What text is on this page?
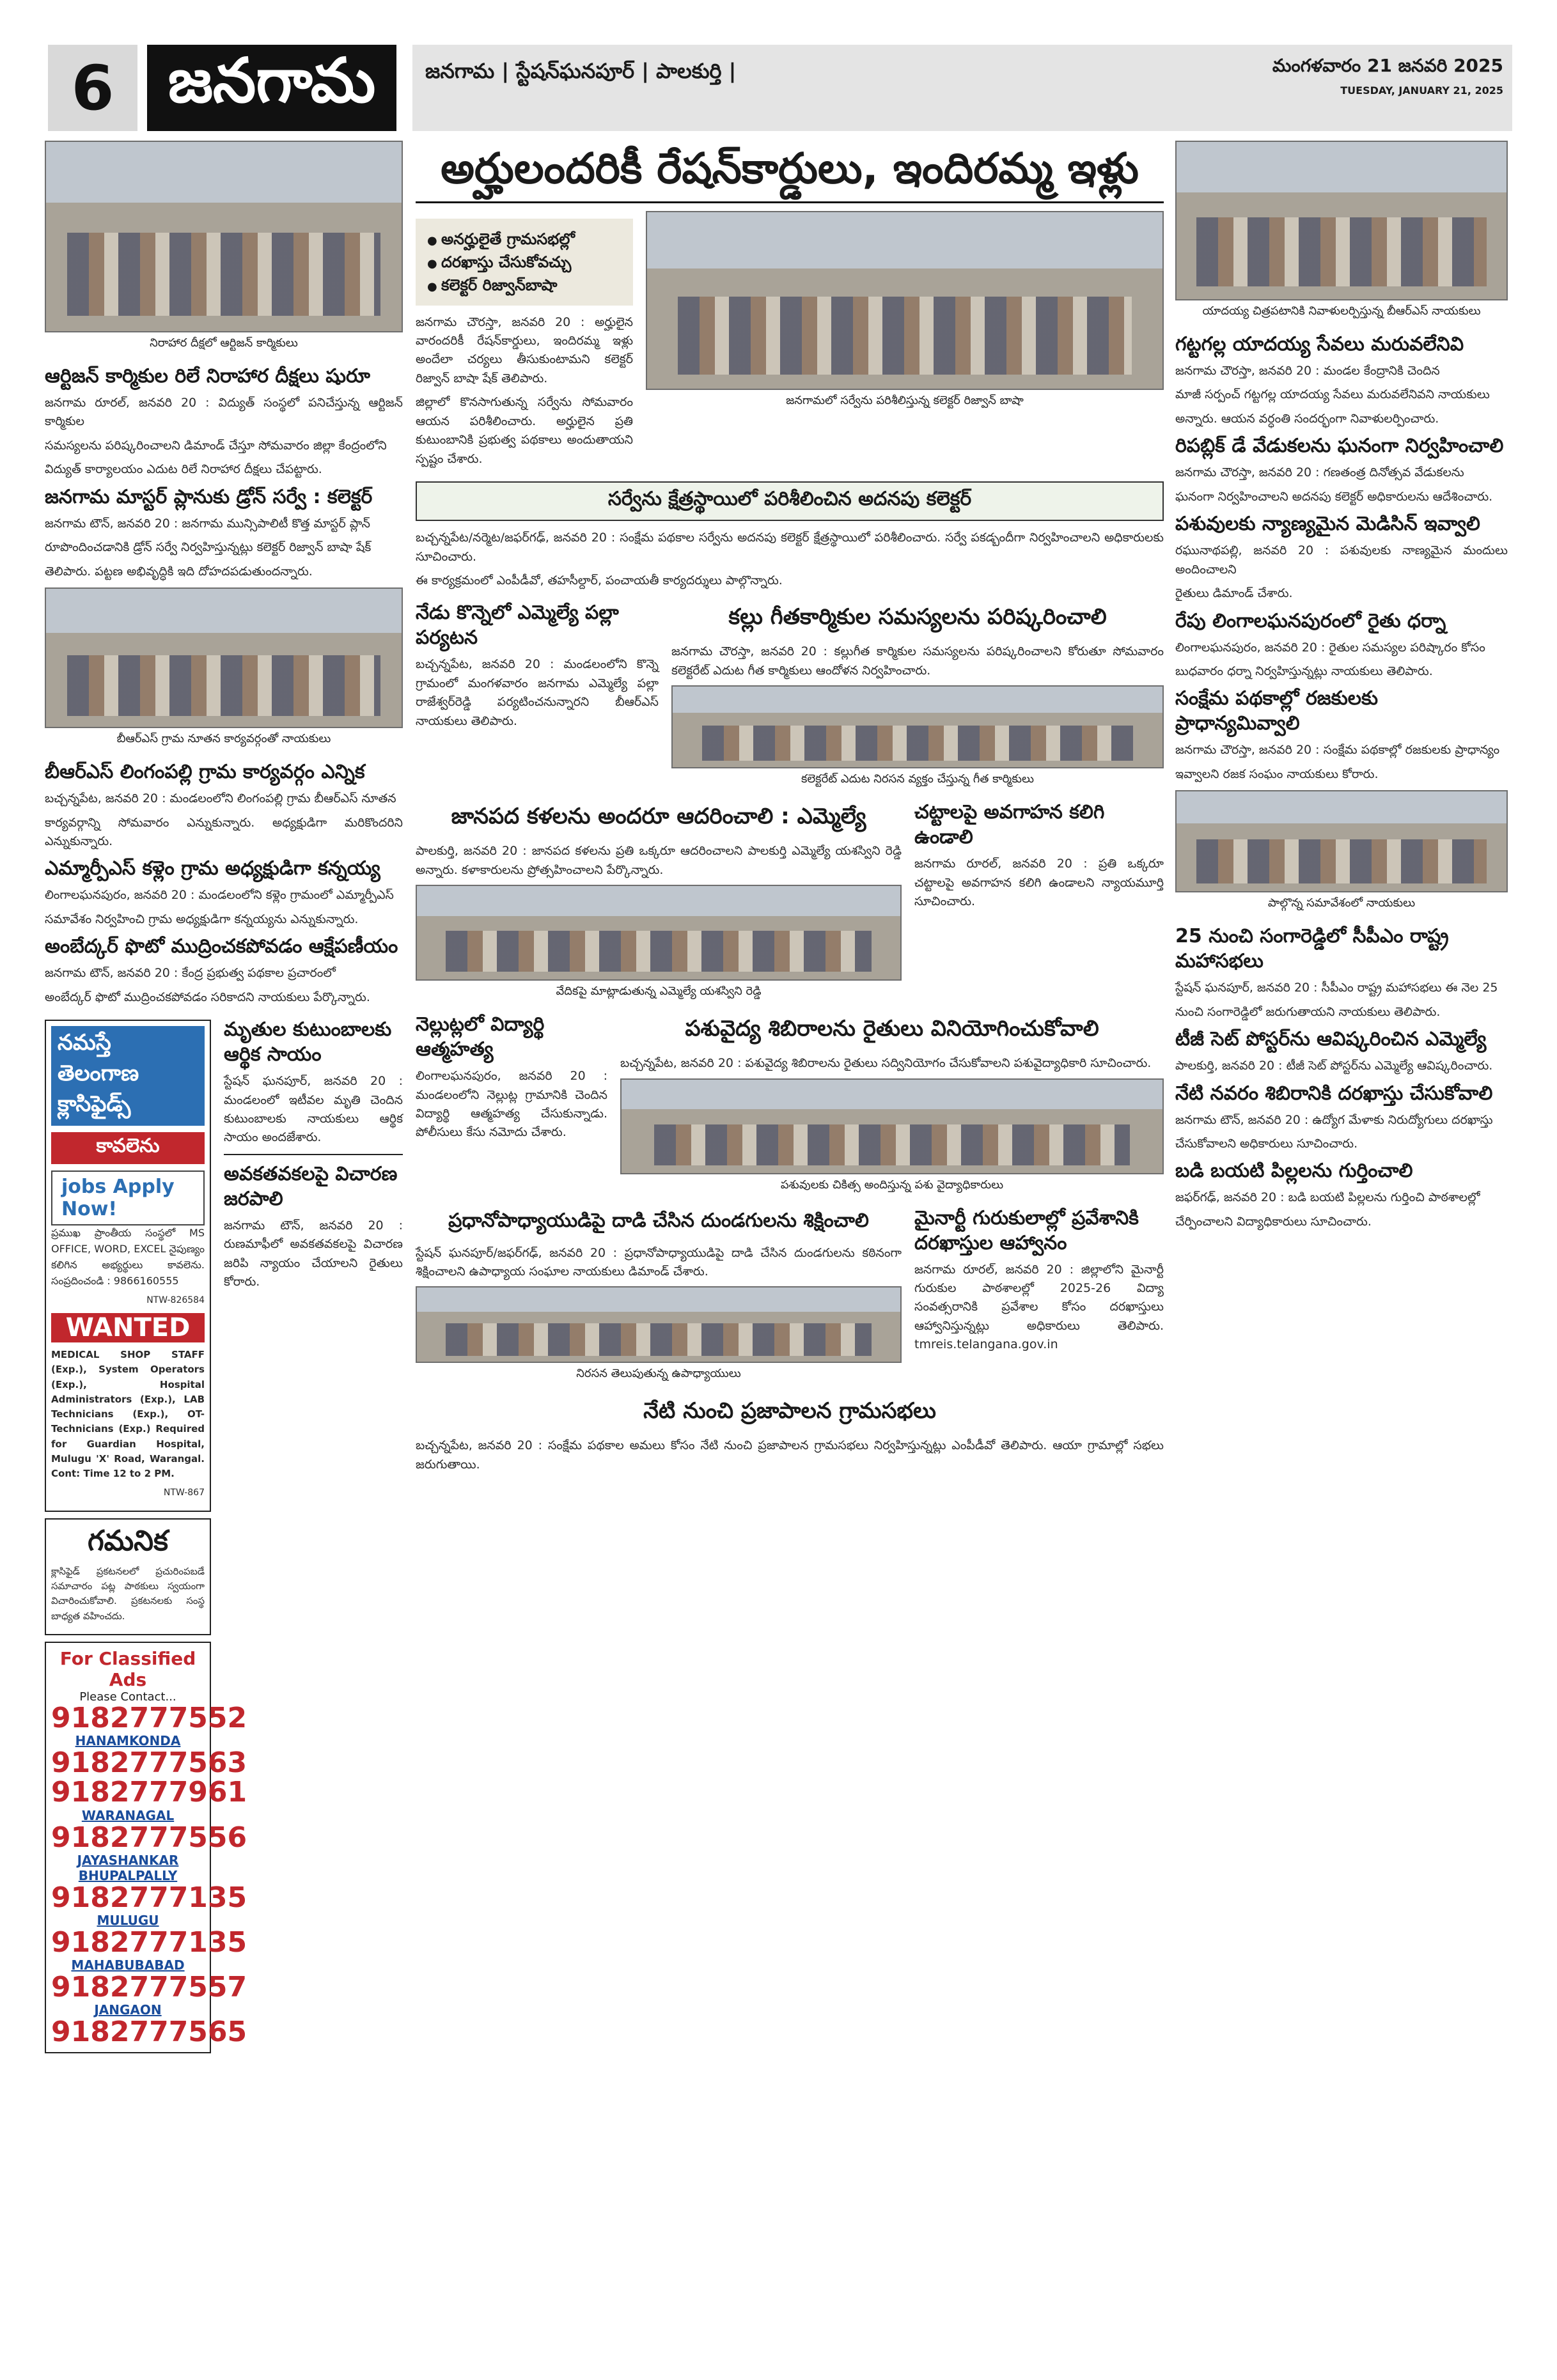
6 జనగామ	జనగామ | స్టేషన్‌ఘనపూర్ | పాలకుర్తి |	మంగళవారం 21 జనవరి 2025
TUESDAY, JANUARY 21, 2025
నిరాహార దీక్షలో ఆర్టిజన్ కార్మికులు
ఆర్టిజన్ కార్మికుల రిలే నిరాహార దీక్షలు షురూ

జనగామ రూరల్, జనవరి 20 : విద్యుత్ సంస్థలో పనిచేస్తున్న ఆర్టిజన్ కార్మికుల

సమస్యలను పరిష్కరించాలని డిమాండ్ చేస్తూ సోమవారం జిల్లా కేంద్రంలోని

విద్యుత్ కార్యాలయం ఎదుట రిలే నిరాహార దీక్షలు చేపట్టారు.

జనగామ మాస్టర్ ప్లానుకు డ్రోన్ సర్వే : కలెక్టర్

జనగామ టౌన్, జనవరి 20 : జనగామ మున్సిపాలిటీ కొత్త మాస్టర్ ప్లాన్

రూపొందించడానికి డ్రోన్ సర్వే నిర్వహిస్తున్నట్లు కలెక్టర్ రిజ్వాన్ బాషా షేక్

తెలిపారు. పట్టణ అభివృద్ధికి ఇది దోహదపడుతుందన్నారు.

బీఆర్ఎస్ గ్రామ నూతన కార్యవర్గంతో నాయకులు
బీఆర్ఎస్ లింగంపల్లి గ్రామ కార్యవర్గం ఎన్నిక

బచ్చన్నపేట, జనవరి 20 : మండలంలోని లింగంపల్లి గ్రామ బీఆర్ఎస్ నూతన

కార్యవర్గాన్ని సోమవారం ఎన్నుకున్నారు. అధ్యక్షుడిగా మరికొందరిని ఎన్నుకున్నారు.

ఎమ్మార్పీఎస్ కళ్లెం గ్రామ అధ్యక్షుడిగా కన్నయ్య

లింగాలఘనపురం, జనవరి 20 : మండలంలోని కళ్లెం గ్రామంలో ఎమ్మార్పీఎస్

సమావేశం నిర్వహించి గ్రామ అధ్యక్షుడిగా కన్నయ్యను ఎన్నుకున్నారు.

అంబేద్కర్ ఫొటో ముద్రించకపోవడం ఆక్షేపణీయం

జనగామ టౌన్, జనవరి 20 : కేంద్ర ప్రభుత్వ పథకాల ప్రచారంలో

అంబేద్కర్ ఫొటో ముద్రించకపోవడం సరికాదని నాయకులు పేర్కొన్నారు.

నమస్తే తెలంగాణ క్లాసిఫైడ్స్
కావలెను
jobs Apply Now!

ప్రముఖ ప్రాంతీయ సంస్థలో MS OFFICE, WORD, EXCEL నైపుణ్యం కలిగిన అభ్యర్థులు కావలెను. సంప్రదించండి : 9866160555

NTW-826584

WANTED

MEDICAL SHOP STAFF (Exp.), System Operators (Exp.), Hospital Administrators (Exp.), LAB Technicians (Exp.), OT-Technicians (Exp.) Required for Guardian Hospital, Mulugu 'X' Road, Warangal. Cont: Time 12 to 2 PM.

NTW-867

గమనిక

క్లాసిఫైడ్ ప్రకటనలలో ప్రచురింపబడే సమాచారం పట్ల పాఠకులు స్వయంగా విచారించుకోవాలి. ప్రకటనలకు సంస్థ బాధ్యత వహించదు.

For Classified Ads
Please Contact...
9182777552
HANAMKONDA
9182777563
9182777961
WARANAGAL
9182777556
JAYASHANKAR BHUPALPALLY
9182777135
MULUGU
9182777135
MAHABUBABAD
9182777557
JANGAON
9182777565
మృతుల కుటుంబాలకు ఆర్థిక సాయం

స్టేషన్ ఘనపూర్, జనవరి 20 : మండలంలో ఇటీవల మృతి చెందిన కుటుంబాలకు నాయకులు ఆర్థిక సాయం అందజేశారు.

అవకతవకలపై విచారణ జరపాలి

జనగామ టౌన్, జనవరి 20 : రుణమాఫీలో అవకతవకలపై విచారణ జరిపి న్యాయం చేయాలని రైతులు కోరారు.

అర్హులందరికీ రేషన్‌కార్డులు, ఇందిరమ్మ ఇళ్లు
● అనర్హులైతే గ్రామసభల్లో
● దరఖాస్తు చేసుకోవచ్చు
● కలెక్టర్ రిజ్వాన్‌బాషా

జనగామ చౌరస్తా, జనవరి 20 : అర్హులైన వారందరికీ రేషన్‌కార్డులు, ఇందిరమ్మ ఇళ్లు అందేలా చర్యలు తీసుకుంటామని కలెక్టర్ రిజ్వాన్ బాషా షేక్ తెలిపారు.

జిల్లాలో కొనసాగుతున్న సర్వేను సోమవారం ఆయన పరిశీలించారు. అర్హులైన ప్రతి కుటుంబానికి ప్రభుత్వ పథకాలు అందుతాయని స్పష్టం చేశారు.

జనగామలో సర్వేను పరిశీలిస్తున్న కలెక్టర్ రిజ్వాన్ బాషా
సర్వేను క్షేత్రస్థాయిలో పరిశీలించిన అదనపు కలెక్టర్

బచ్చన్నపేట/నర్మెట/జఫర్‌గఢ్, జనవరి 20 : సంక్షేమ పథకాల సర్వేను అదనపు కలెక్టర్ క్షేత్రస్థాయిలో పరిశీలించారు. సర్వే పకడ్బందీగా నిర్వహించాలని అధికారులకు సూచించారు.

ఈ కార్యక్రమంలో ఎంపీడీవో, తహసీల్దార్, పంచాయతీ కార్యదర్శులు పాల్గొన్నారు.

నేడు కొన్నెలో ఎమ్మెల్యే పల్లా పర్యటన

బచ్చన్నపేట, జనవరి 20 : మండలంలోని కొన్నె గ్రామంలో మంగళవారం జనగామ ఎమ్మెల్యే పల్లా రాజేశ్వర్‌రెడ్డి పర్యటించనున్నారని బీఆర్ఎస్ నాయకులు తెలిపారు.

కల్లు గీతకార్మికుల సమస్యలను పరిష్కరించాలి

జనగామ చౌరస్తా, జనవరి 20 : కల్లుగీత కార్మికుల సమస్యలను పరిష్కరించాలని కోరుతూ సోమవారం కలెక్టరేట్ ఎదుట గీత కార్మికులు ఆందోళన నిర్వహించారు.

కలెక్టరేట్ ఎదుట నిరసన వ్యక్తం చేస్తున్న గీత కార్మికులు
జానపద కళలను అందరూ ఆదరించాలి : ఎమ్మెల్యే

పాలకుర్తి, జనవరి 20 : జానపద కళలను ప్రతి ఒక్కరూ ఆదరించాలని పాలకుర్తి ఎమ్మెల్యే యశస్విని రెడ్డి అన్నారు. కళాకారులను ప్రోత్సహించాలని పేర్కొన్నారు.

వేదికపై మాట్లాడుతున్న ఎమ్మెల్యే యశస్విని రెడ్డి
చట్టాలపై అవగాహన కలిగి ఉండాలి

జనగామ రూరల్, జనవరి 20 : ప్రతి ఒక్కరూ చట్టాలపై అవగాహన కలిగి ఉండాలని న్యాయమూర్తి సూచించారు.

నెల్లుట్లలో విద్యార్థి ఆత్మహత్య

లింగాలఘనపురం, జనవరి 20 : మండలంలోని నెల్లుట్ల గ్రామానికి చెందిన విద్యార్థి ఆత్మహత్య చేసుకున్నాడు. పోలీసులు కేసు నమోదు చేశారు.

పశువైద్య శిబిరాలను రైతులు వినియోగించుకోవాలి

బచ్చన్నపేట, జనవరి 20 : పశువైద్య శిబిరాలను రైతులు సద్వినియోగం చేసుకోవాలని పశువైద్యాధికారి సూచించారు.

పశువులకు చికిత్స అందిస్తున్న పశు వైద్యాధికారులు
ప్రధానోపాధ్యాయుడిపై దాడి చేసిన దుండగులను శిక్షించాలి

స్టేషన్ ఘనపూర్/జఫర్‌గఢ్, జనవరి 20 : ప్రధానోపాధ్యాయుడిపై దాడి చేసిన దుండగులను కఠినంగా శిక్షించాలని ఉపాధ్యాయ సంఘాల నాయకులు డిమాండ్ చేశారు.

నిరసన తెలుపుతున్న ఉపాధ్యాయులు
మైనార్టీ గురుకులాల్లో ప్రవేశానికి దరఖాస్తుల ఆహ్వానం

జనగామ రూరల్, జనవరి 20 : జిల్లాలోని మైనార్టీ గురుకుల పాఠశాలల్లో 2025-26 విద్యా సంవత్సరానికి ప్రవేశాల కోసం దరఖాస్తులు ఆహ్వానిస్తున్నట్లు అధికారులు తెలిపారు. tmreis.telangana.gov.in

నేటి నుంచి ప్రజాపాలన గ్రామసభలు

బచ్చన్నపేట, జనవరి 20 : సంక్షేమ పథకాల అమలు కోసం నేటి నుంచి ప్రజాపాలన గ్రామసభలు నిర్వహిస్తున్నట్లు ఎంపీడీవో తెలిపారు. ఆయా గ్రామాల్లో సభలు జరుగుతాయి.

యాదయ్య చిత్రపటానికి నివాళులర్పిస్తున్న బీఆర్ఎస్ నాయకులు
గట్టగల్ల యాదయ్య సేవలు మరువలేనివి

జనగామ చౌరస్తా, జనవరి 20 : మండల కేంద్రానికి చెందిన

మాజీ సర్పంచ్ గట్టగల్ల యాదయ్య సేవలు మరువలేనివని నాయకులు

అన్నారు. ఆయన వర్ధంతి సందర్భంగా నివాళులర్పించారు.

రిపబ్లిక్ డే వేడుకలను ఘనంగా నిర్వహించాలి

జనగామ చౌరస్తా, జనవరి 20 : గణతంత్ర దినోత్సవ వేడుకలను

ఘనంగా నిర్వహించాలని అదనపు కలెక్టర్ అధికారులను ఆదేశించారు.

పశువులకు న్యాణ్యమైన మెడిసిన్ ఇవ్వాలి

రఘునాథపల్లి, జనవరి 20 : పశువులకు నాణ్యమైన మందులు అందించాలని

రైతులు డిమాండ్ చేశారు.

రేపు లింగాలఘనపురంలో రైతు ధర్నా

లింగాలఘనపురం, జనవరి 20 : రైతుల సమస్యల పరిష్కారం కోసం

బుధవారం ధర్నా నిర్వహిస్తున్నట్లు నాయకులు తెలిపారు.

సంక్షేమ పథకాల్లో రజకులకు ప్రాధాన్యమివ్వాలి

జనగామ చౌరస్తా, జనవరి 20 : సంక్షేమ పథకాల్లో రజకులకు ప్రాధాన్యం

ఇవ్వాలని రజక సంఘం నాయకులు కోరారు.

పాల్గొన్న సమావేశంలో నాయకులు
25 నుంచి సంగారెడ్డిలో సీపీఎం రాష్ట్ర మహాసభలు

స్టేషన్ ఘనపూర్, జనవరి 20 : సీపీఎం రాష్ట్ర మహాసభలు ఈ నెల 25

నుంచి సంగారెడ్డిలో జరుగుతాయని నాయకులు తెలిపారు.

టీజీ సెట్ పోస్టర్‌ను ఆవిష్కరించిన ఎమ్మెల్యే

పాలకుర్తి, జనవరి 20 : టీజీ సెట్ పోస్టర్‌ను ఎమ్మెల్యే ఆవిష్కరించారు.

నేటి నవరం శిబిరానికి దరఖాస్తు చేసుకోవాలి

జనగామ టౌన్, జనవరి 20 : ఉద్యోగ మేళాకు నిరుద్యోగులు దరఖాస్తు

చేసుకోవాలని అధికారులు సూచించారు.

బడి బయటి పిల్లలను గుర్తించాలి

జఫర్‌గఢ్, జనవరి 20 : బడి బయటి పిల్లలను గుర్తించి పాఠశాలల్లో

చేర్పించాలని విద్యాధికారులు సూచించారు.
